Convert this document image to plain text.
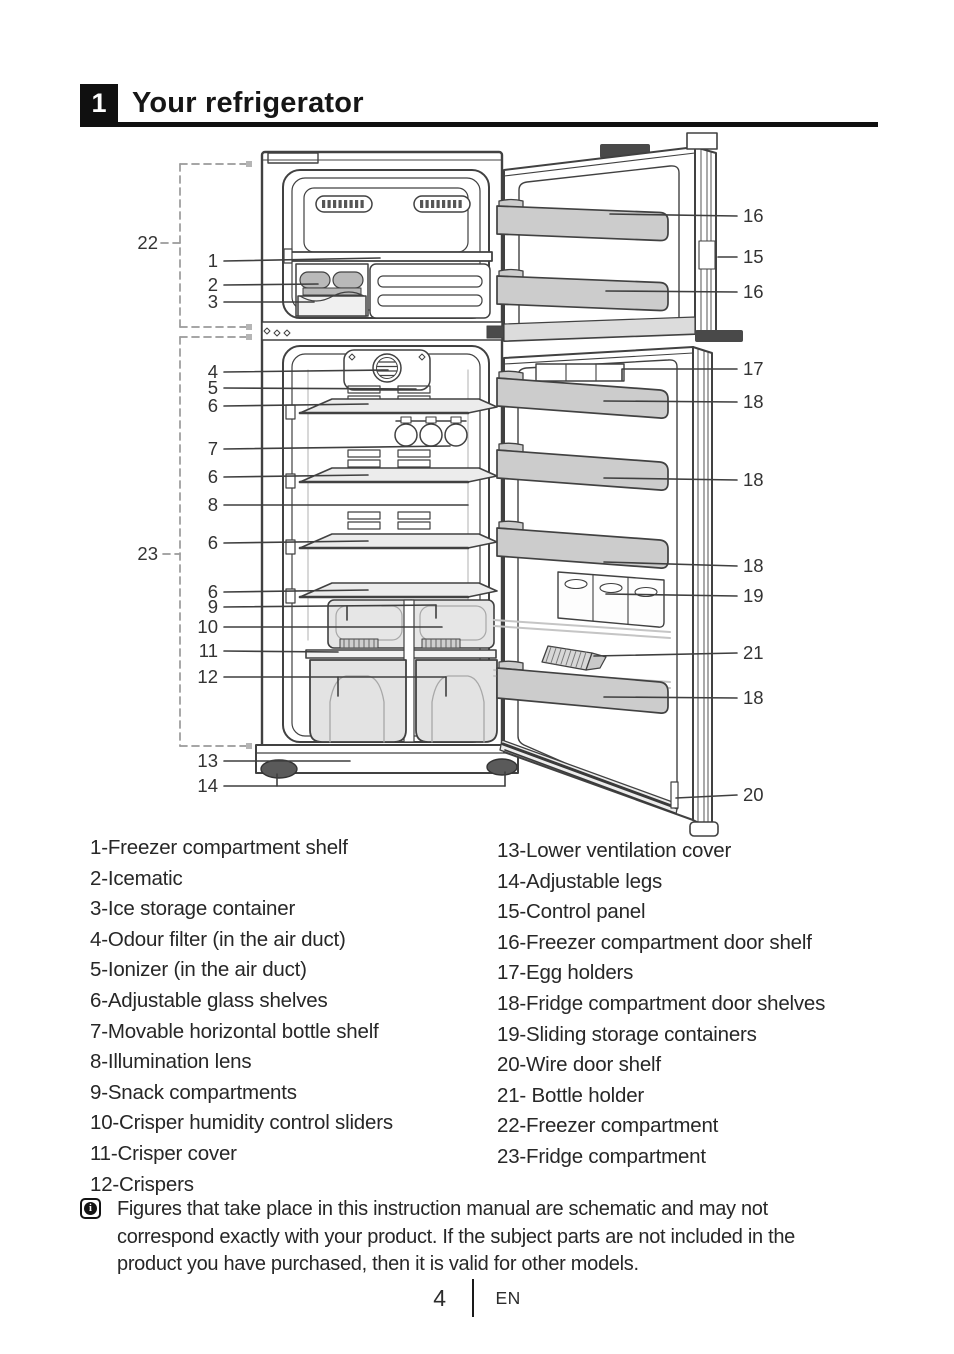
1 Your refrigerator
22
1
2
3
4
5
6
7
6
8
6
23
6
9
10
11
12
13
14
16
15
16
17
18
18
18
19
21
18
20
1-Freezer compartment shelf
2-Icematic
3-Ice storage container
4-Odour filter (in the air duct)
5-Ionizer (in the air duct)
6-Adjustable glass shelves
7-Movable horizontal bottle shelf
8-Illumination lens
9-Snack compartments
10-Crisper humidity control sliders
11-Crisper cover
12-Crispers
13-Lower ventilation cover
14-Adjustable legs
15-Control panel
16-Freezer compartment door shelf
17-Egg holders
18-Fridge compartment door shelves
19-Sliding storage containers
20-Wire door shelf
21- Bottle holder
22-Freezer compartment
23-Fridge compartment
i Figures that take place in this instruction manual are schematic and may not correspond exactly with your product. If the subject parts are not included in the product you have purchased, then it is valid for other models.
4	EN
